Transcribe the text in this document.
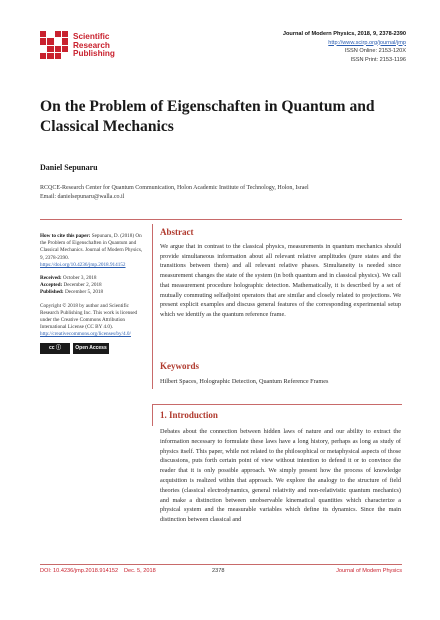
Scientific
Research
Publishing
Journal of Modern Physics, 2018, 9, 2378-2390
http://www.scirp.org/journal/jmp
ISSN Online: 2153-120X
ISSN Print: 2153-1196
On the Problem of Eigenschaften in Quantum and Classical Mechanics
Daniel Sepunaru
RCQCE-Research Center for Quantum Communication, Holon Academic Institute of Technology, Holon, Israel
Email: danielsepunaru@walla.co.il

How to cite this paper: Sepunaru, D. (2018) On the Problem of Eigenschaften in Quantum and Classical Mechanics. Journal of Modern Physics, 9, 2378-2390. https://doi.org/10.4236/jmp.2018.914152

Received: October 3, 2018

Accepted: December 2, 2018

Published: December 5, 2018

Copyright © 2018 by author and Scientific Research Publishing Inc. This work is licensed under the Creative Commons Attribution International License (CC BY 4.0).

http://creativecommons.org/licenses/by/4.0/

cc ⓘ	Open Access
Abstract
We argue that in contrast to the classical physics, measurements in quantum mechanics should provide simultaneous information about all relevant relative amplitudes (pure states and the transitions between them) and all relevant relative phases. Simultaneity is needed since measurement changes the state of the system (in both quantum and in classical physics). We call that measurement procedure holographic detection. Mathematically, it is described by a set of mutually commuting selfadjoint operators that are similar and closely related to projections. We present explicit examples and discuss general features of the corresponding experimental setup which we identify as the quantum reference frame.
Keywords
Hilbert Spaces, Holographic Detection, Quantum Reference Frames
1. Introduction

Debates about the connection between hidden laws of nature and our ability to extract the information necessary to formulate these laws have a long history, perhaps as long as study of physics itself. This paper, while not related to the philosophical or metaphysical aspects of those discussions, puts forth certain point of view without intention to defend it or to convince the reader that it is only possible approach. We simply present how the process of knowledge acquisition is realized within that approach. We explore the analogy to the structure of field theories (classical electrodynamics, general relativity and non-relativistic quantum mechanics) and make a distinction between unobservable kinematical quantities which characterize a physical system and the measurable variables which define its dynamics. Since the main distinction between classical and

DOI: 10.4236/jmp.2018.914152 Dec. 5, 2018	2378	Journal of Modern Physics
